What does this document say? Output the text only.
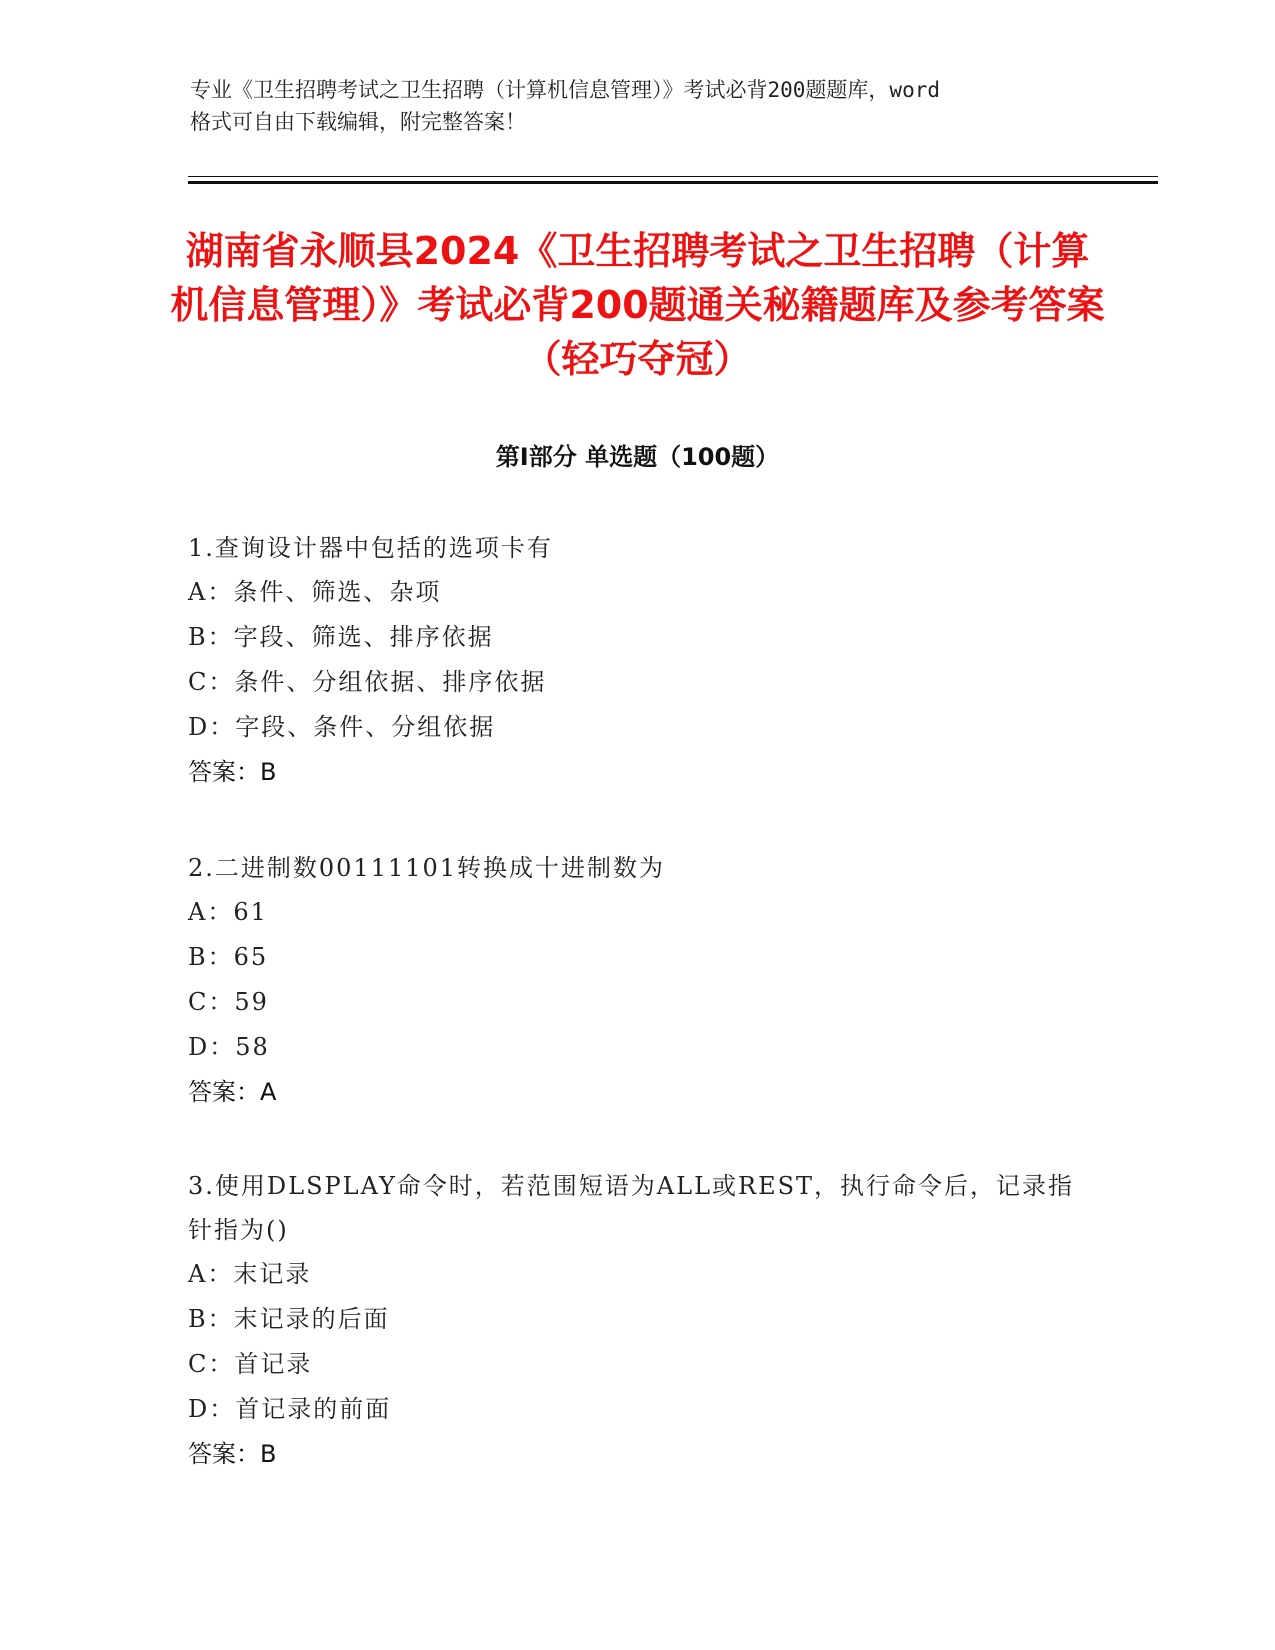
专业《卫生招聘考试之卫生招聘（计算机信息管理）》考试必背200题题库，word
格式可自由下载编辑，附完整答案！
湖南省永顺县2024《卫生招聘考试之卫生招聘（计算机信息管理）》考试必背200题通关秘籍题库及参考答案（轻巧夺冠）
第Ⅰ部分 单选题（100题）
1.查询设计器中包括的选项卡有
A：条件、筛选、杂项
B：字段、筛选、排序依据
C：条件、分组依据、排序依据
D：字段、条件、分组依据
答案：B
2.二进制数00111101转换成十进制数为
A：61
B：65
C：59
D：58
答案：A
3.使用DLSPLAY命令时，若范围短语为ALL或REST，执行命令后，记录指针指为()
A：末记录
B：末记录的后面
C：首记录
D：首记录的前面
答案：B
